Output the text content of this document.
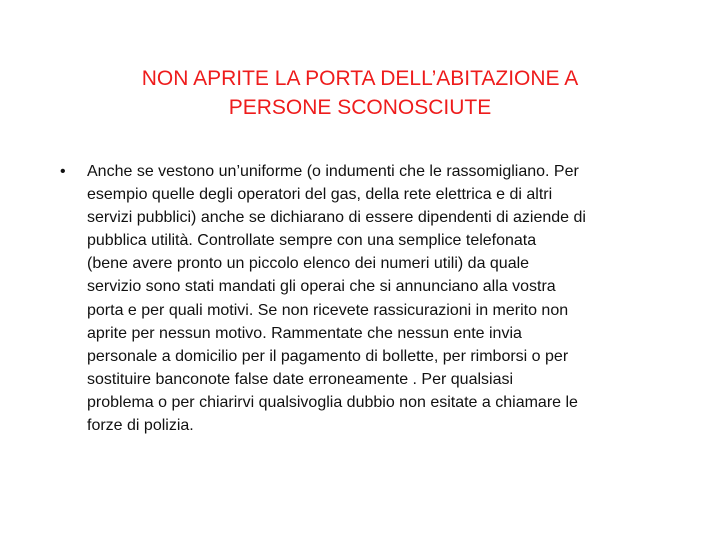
NON APRITE LA PORTA DELL’ABITAZIONE A
PERSONE SCONOSCIUTE
• Anche se vestono un’uniforme (o indumenti che le rassomigliano. Per
esempio quelle degli operatori del gas, della rete elettrica e di altri
servizi pubblici) anche se dichiarano di essere dipendenti di aziende di
pubblica utilità. Controllate sempre con una semplice telefonata
(bene avere pronto un piccolo elenco dei numeri utili) da quale
servizio sono stati mandati gli operai che si annunciano alla vostra
porta e per quali motivi. Se non ricevete rassicurazioni in merito non
aprite per nessun motivo. Rammentate che nessun ente invia
personale a domicilio per il pagamento di bollette, per rimborsi o per
sostituire banconote false date erroneamente . Per qualsiasi
problema o per chiarirvi qualsivoglia dubbio non esitate a chiamare le
forze di polizia.
